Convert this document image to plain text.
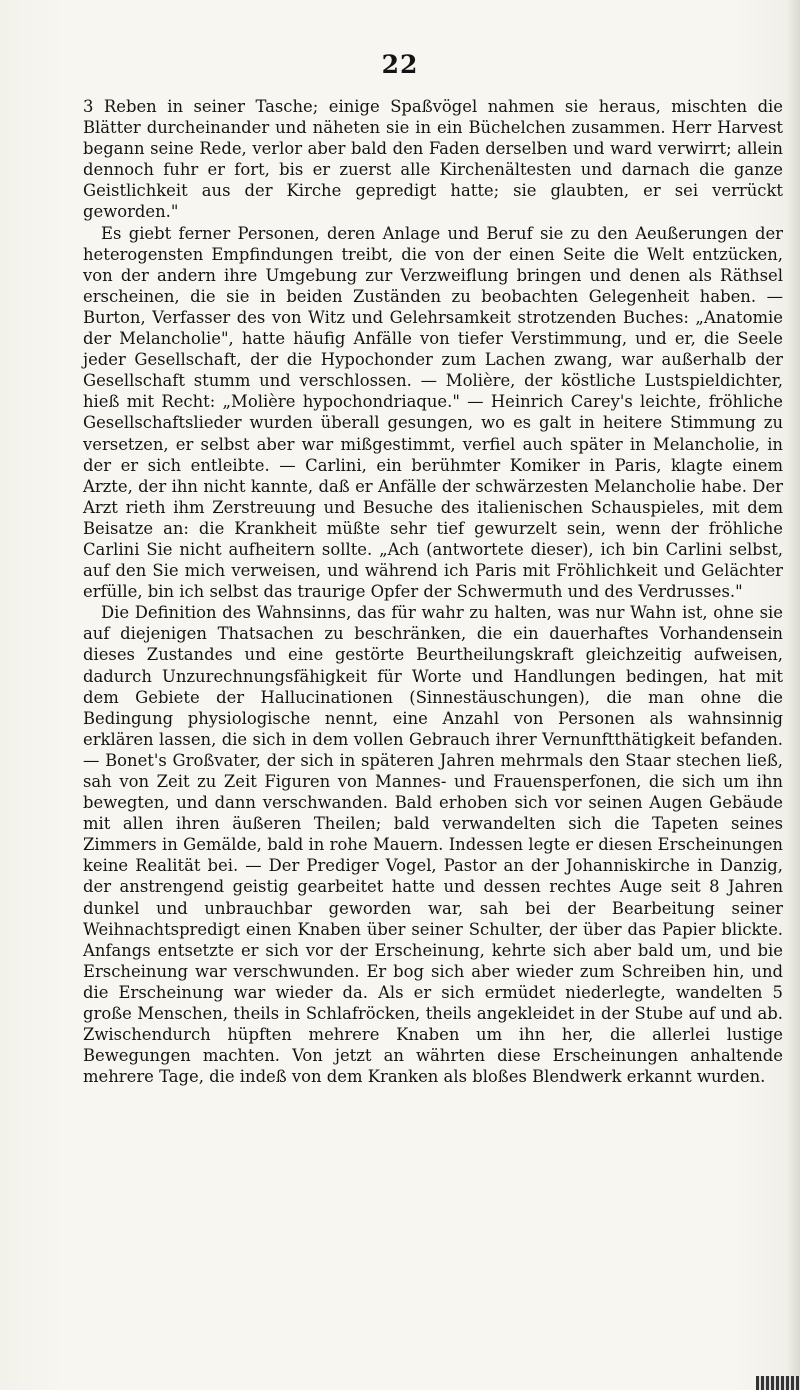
22

3 Reben in seiner Tasche; einige Spaßvögel nahmen sie heraus, mischten die Blätter durcheinander und näheten sie in ein Büchelchen zusammen. Herr Harvest begann seine Rede, verlor aber bald den Faden derselben und ward verwirrt; allein dennoch fuhr er fort, bis er zuerst alle Kirchenältesten und darnach die ganze Geistlichkeit aus der Kirche gepredigt hatte; sie glaubten, er sei verrückt geworden."

Es giebt ferner Personen, deren Anlage und Beruf sie zu den Aeußerungen der heterogensten Empfindungen treibt, die von der einen Seite die Welt entzücken, von der andern ihre Umgebung zur Verzweiflung bringen und denen als Räthsel erscheinen, die sie in beiden Zuständen zu beobachten Gelegenheit haben. — Burton, Verfasser des von Witz und Gelehrsamkeit strotzenden Buches: „Anatomie der Melancholie", hatte häufig Anfälle von tiefer Verstimmung, und er, die Seele jeder Gesellschaft, der die Hypochonder zum Lachen zwang, war außerhalb der Gesellschaft stumm und verschlossen. — Molière, der köstliche Lustspieldichter, hieß mit Recht: „Molière hypochondriaque." — Heinrich Carey's leichte, fröhliche Gesellschaftslieder wurden überall gesungen, wo es galt in heitere Stimmung zu versetzen, er selbst aber war mißgestimmt, verfiel auch später in Melancholie, in der er sich entleibte. — Carlini, ein berühmter Komiker in Paris, klagte einem Arzte, der ihn nicht kannte, daß er Anfälle der schwärzesten Melancholie habe. Der Arzt rieth ihm Zerstreuung und Besuche des italienischen Schauspieles, mit dem Beisatze an: die Krankheit müßte sehr tief gewurzelt sein, wenn der fröhliche Carlini Sie nicht aufheitern sollte. „Ach (antwortete dieser), ich bin Carlini selbst, auf den Sie mich verweisen, und während ich Paris mit Fröhlichkeit und Gelächter erfülle, bin ich selbst das traurige Opfer der Schwermuth und des Verdrusses."

Die Definition des Wahnsinns, das für wahr zu halten, was nur Wahn ist, ohne sie auf diejenigen Thatsachen zu beschränken, die ein dauerhaftes Vorhandensein dieses Zustandes und eine gestörte Beurtheilungskraft gleichzeitig aufweisen, dadurch Unzurechnungsfähigkeit für Worte und Handlungen bedingen, hat mit dem Gebiete der Hallucinationen (Sinnestäuschungen), die man ohne die Bedingung physiologische nennt, eine Anzahl von Personen als wahnsinnig erklären lassen, die sich in dem vollen Gebrauch ihrer Vernunftthätigkeit befanden. — Bonet's Großvater, der sich in späteren Jahren mehrmals den Staar stechen ließ, sah von Zeit zu Zeit Figuren von Mannes- und Frauensperfonen, die sich um ihn bewegten, und dann verschwanden. Bald erhoben sich vor seinen Augen Gebäude mit allen ihren äußeren Theilen; bald verwandelten sich die Tapeten seines Zimmers in Gemälde, bald in rohe Mauern. Indessen legte er diesen Erscheinungen keine Realität bei. — Der Prediger Vogel, Pastor an der Johanniskirche in Danzig, der anstrengend geistig gearbeitet hatte und dessen rechtes Auge seit 8 Jahren dunkel und unbrauchbar geworden war, sah bei der Bearbeitung seiner Weihnachtspredigt einen Knaben über seiner Schulter, der über das Papier blickte. Anfangs entsetzte er sich vor der Erscheinung, kehrte sich aber bald um, und bie Erscheinung war verschwunden. Er bog sich aber wieder zum Schreiben hin, und die Erscheinung war wieder da. Als er sich ermüdet niederlegte, wandelten 5 große Menschen, theils in Schlafröcken, theils angekleidet in der Stube auf und ab. Zwischendurch hüpften mehrere Knaben um ihn her, die allerlei lustige Bewegungen machten. Von jetzt an währten diese Erscheinungen anhaltende mehrere Tage, die indeß von dem Kranken als bloßes Blendwerk erkannt wurden.
